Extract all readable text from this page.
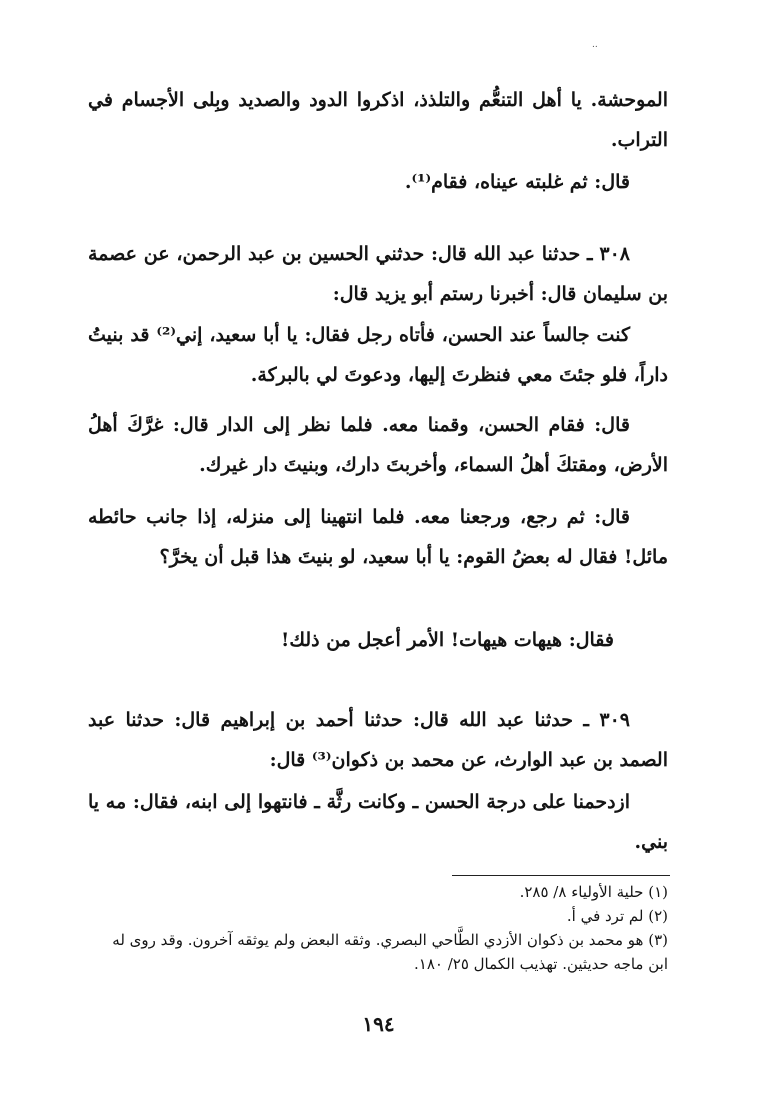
..

الموحشة. يا أهل التنعُّم والتلذذ، اذكروا الدود والصديد وبِلى الأجسام في التراب.

قال: ثم غلبته عيناه، فقام⁽¹⁾.

٣٠٨ ـ حدثنا عبد الله قال: حدثني الحسين بن عبد الرحمن، عن عصمة بن سليمان قال: أخبرنا رستم أبو يزيد قال:

كنت جالساً عند الحسن، فأتاه رجل فقال: يا أبا سعيد، إني⁽²⁾ قد بنيتُ داراً، فلو جئتَ معي فنظرتَ إليها، ودعوتَ لي بالبركة.

قال: فقام الحسن، وقمنا معه. فلما نظر إلى الدار قال: غرَّكَ أهلُ الأرض، ومقتكَ أهلُ السماء، وأخربتَ دارك، وبنيتَ دار غيرك.

قال: ثم رجع، ورجعنا معه. فلما انتهينا إلى منزله، إذا جانب حائطه مائل! فقال له بعضُ القوم: يا أبا سعيد، لو بنيتَ هذا قبل أن يخرَّ؟

فقال: هيهات هيهات! الأمر أعجل من ذلك!

٣٠٩ ـ حدثنا عبد الله قال: حدثنا أحمد بن إبراهيم قال: حدثنا عبد الصمد بن عبد الوارث، عن محمد بن ذكوان⁽³⁾ قال:

ازدحمنا على درجة الحسن ـ وكانت رثَّة ـ فانتهوا إلى ابنه، فقال: مه يا بني.

(١) حلية الأولياء ٨/ ٢٨٥.

(٢) لم ترد في أ.

(٣) هو محمد بن ذكوان الأزدي الطَّاحي البصري. وثقه البعض ولم يوثقه آخرون. وقد روى له ابن ماجه حديثين. تهذيب الكمال ٢٥/ ١٨٠.

١٩٤
